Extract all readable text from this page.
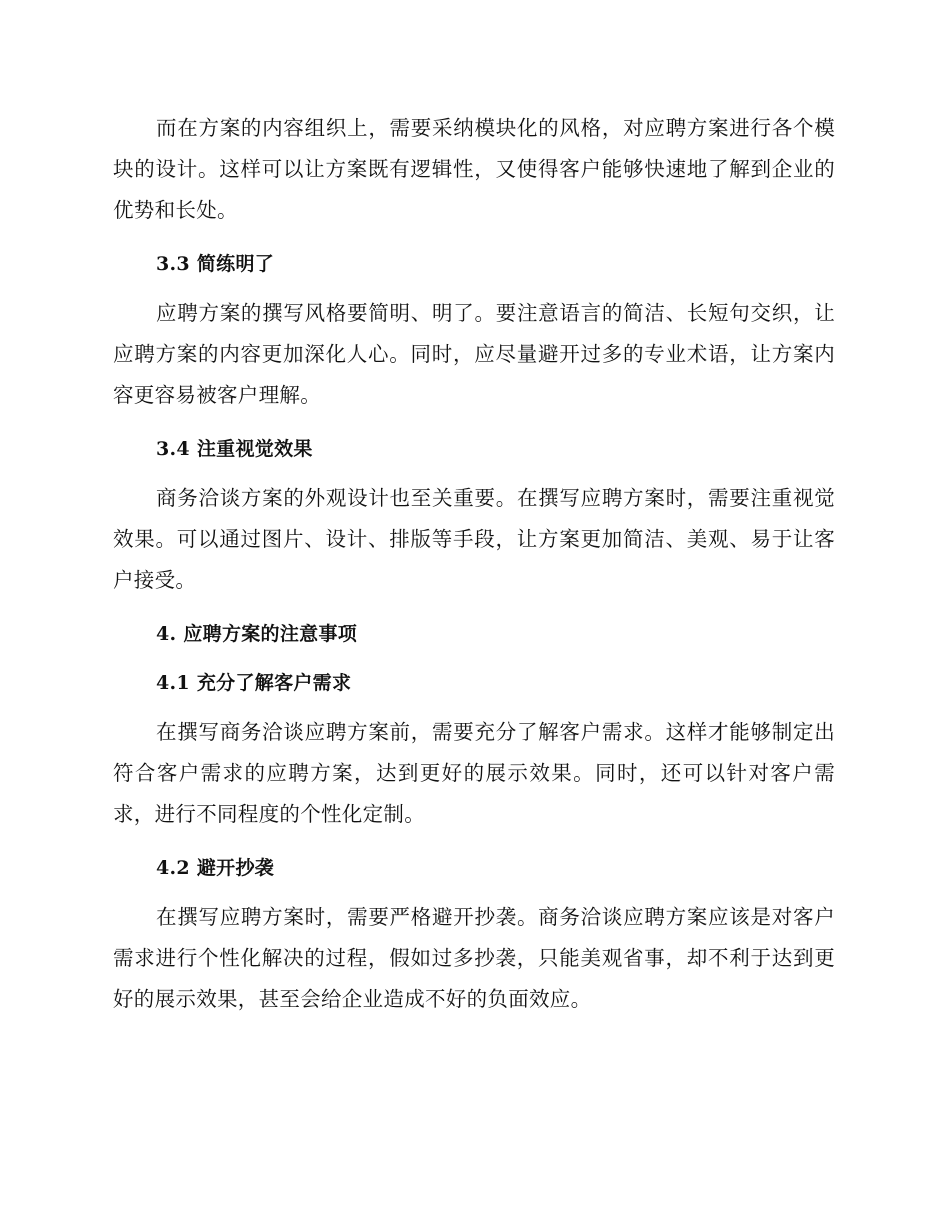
而在方案的内容组织上，需要采纳模块化的风格，对应聘方案进行各个模块的设计。这样可以让方案既有逻辑性，又使得客户能够快速地了解到企业的优势和长处。

3.3 简练明了

应聘方案的撰写风格要简明、明了。要注意语言的简洁、长短句交织，让应聘方案的内容更加深化人心。同时，应尽量避开过多的专业术语，让方案内容更容易被客户理解。

3.4 注重视觉效果

商务洽谈方案的外观设计也至关重要。在撰写应聘方案时，需要注重视觉效果。可以通过图片、设计、排版等手段，让方案更加简洁、美观、易于让客户接受。

4. 应聘方案的注意事项
4.1 充分了解客户需求

在撰写商务洽谈应聘方案前，需要充分了解客户需求。这样才能够制定出符合客户需求的应聘方案，达到更好的展示效果。同时，还可以针对客户需求，进行不同程度的个性化定制。

4.2 避开抄袭

在撰写应聘方案时，需要严格避开抄袭。商务洽谈应聘方案应该是对客户需求进行个性化解决的过程，假如过多抄袭，只能美观省事，却不利于达到更好的展示效果，甚至会给企业造成不好的负面效应。
